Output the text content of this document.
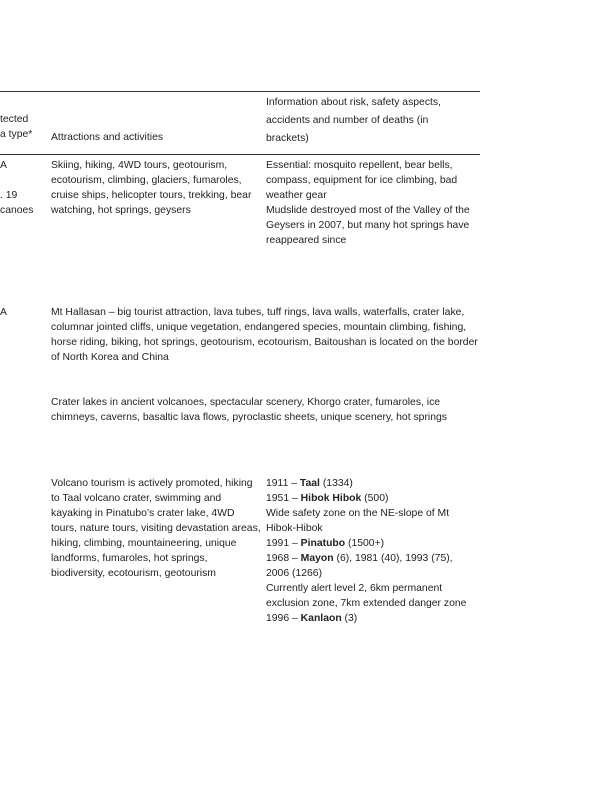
tected
a type* Attractions and activities
Information about risk, safety aspects,
accidents and number of deaths (in
brackets)
A

. 19
canoes
Skiing, hiking, 4WD tours, geotourism,
ecotourism, climbing, glaciers, fumaroles,
cruise ships, helicopter tours, trekking, bear
watching, hot springs, geysers
Essential: mosquito repellent, bear bells,
compass, equipment for ice climbing, bad
weather gear
Mudslide destroyed most of the Valley of the
Geysers in 2007, but many hot springs have
reappeared since
A	Mt Hallasan – big tourist attraction, lava tubes, tuff rings, lava walls, waterfalls, crater lake,
columnar jointed cliffs, unique vegetation, endangered species, mountain climbing, fishing,
horse riding, biking, hot springs, geotourism, ecotourism, Baitoushan is located on the border
of North Korea and China
Crater lakes in ancient volcanoes, spectacular scenery, Khorgo crater, fumaroles, ice
chimneys, caverns, basaltic lava flows, pyroclastic sheets, unique scenery, hot springs
Volcano tourism is actively promoted, hiking
to Taal volcano crater, swimming and
kayaking in Pinatubo’s crater lake, 4WD
tours, nature tours, visiting devastation areas,
hiking, climbing, mountaineering, unique
landforms, fumaroles, hot springs,
biodiversity, ecotourism, geotourism
1911 – Taal (1334)
1951 – Hibok Hibok (500)
Wide safety zone on the NE-slope of Mt
Hibok-Hibok
1991 – Pinatubo (1500+)
1968 – Mayon (6), 1981 (40), 1993 (75),
2006 (1266)
Currently alert level 2, 6km permanent
exclusion zone, 7km extended danger zone
1996 – Kanlaon (3)
